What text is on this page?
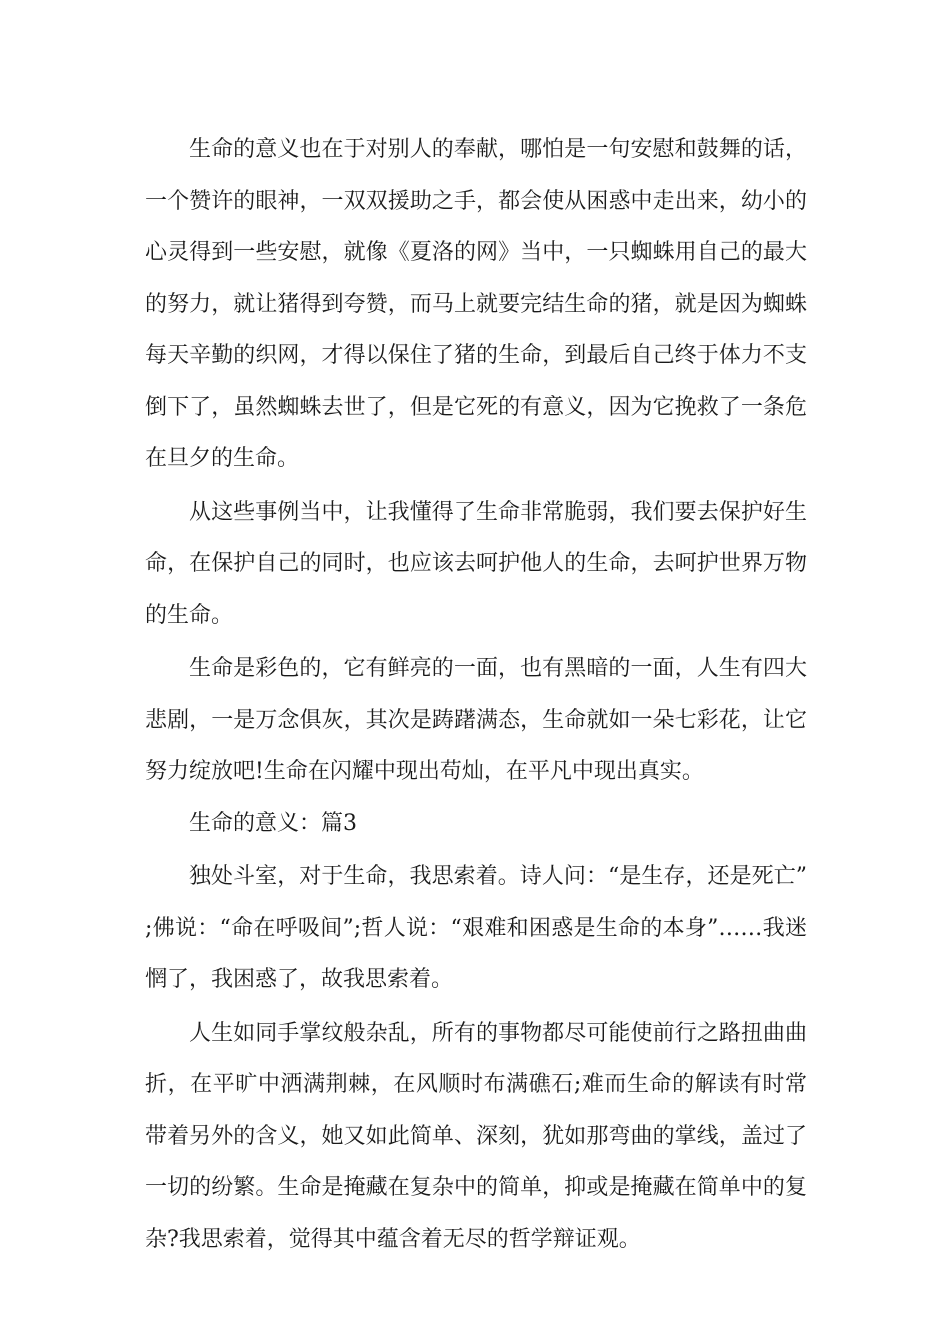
生命的意义也在于对别人的奉献，哪怕是一句安慰和鼓舞的话，一个赞许的眼神，一双双援助之手，都会使从困惑中走出来，幼小的心灵得到一些安慰，就像《夏洛的网》当中，一只蜘蛛用自己的最大的努力，就让猪得到夸赞，而马上就要完结生命的猪，就是因为蜘蛛每天辛勤的织网，才得以保住了猪的生命，到最后自己终于体力不支倒下了，虽然蜘蛛去世了，但是它死的有意义，因为它挽救了一条危在旦夕的生命。

从这些事例当中，让我懂得了生命非常脆弱，我们要去保护好生命，在保护自己的同时，也应该去呵护他人的生命，去呵护世界万物的生命。

生命是彩色的，它有鲜亮的一面，也有黑暗的一面，人生有四大悲剧，一是万念俱灰，其次是踌躇满态，生命就如一朵七彩花，让它努力绽放吧!生命在闪耀中现出苟灿，在平凡中现出真实。

生命的意义：篇3

独处斗室，对于生命，我思索着。诗人问：“是生存，还是死亡”;佛说：“命在呼吸间”;哲人说：“艰难和困惑是生命的本身”……我迷惘了，我困惑了，故我思索着。

人生如同手掌纹般杂乱，所有的事物都尽可能使前行之路扭曲曲折，在平旷中洒满荆棘，在风顺时布满礁石;难而生命的解读有时常带着另外的含义，她又如此简单、深刻，犹如那弯曲的掌线，盖过了一切的纷繁。生命是掩藏在复杂中的简单，抑或是掩藏在简单中的复杂?我思索着，觉得其中蕴含着无尽的哲学辩证观。
